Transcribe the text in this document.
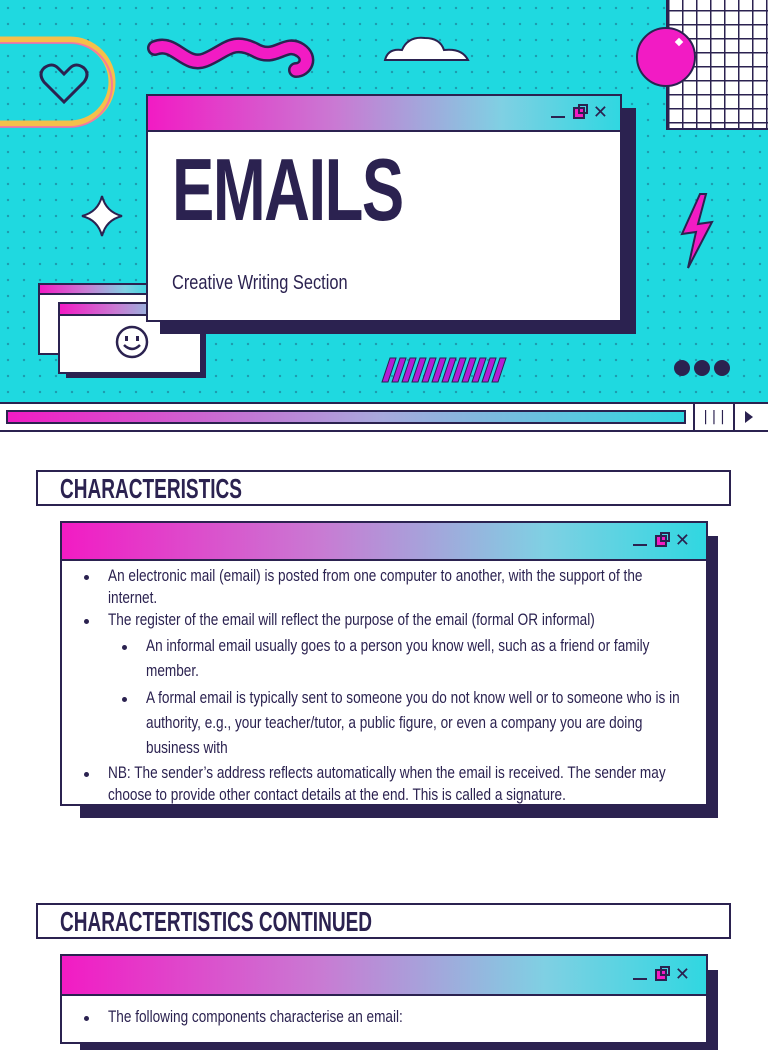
✕
EMAILS
Creative Writing Section
|||
CHARACTERISTICS
✕
An electronic mail (email) is posted from one computer to another, with the support of the internet.
The register of the email will reflect the purpose of the email (formal OR informal)
An informal email usually goes to a person you know well, such as a friend or family member.
A formal email is typically sent to someone you do not know well or to someone who is in authority, e.g., your teacher/tutor, a public figure, or even a company you are doing business with
NB: The sender’s address reflects automatically when the email is received. The sender may choose to provide other contact details at the end. This is called a signature.
CHARACTERTISTICS CONTINUED
✕
The following components characterise an email:
